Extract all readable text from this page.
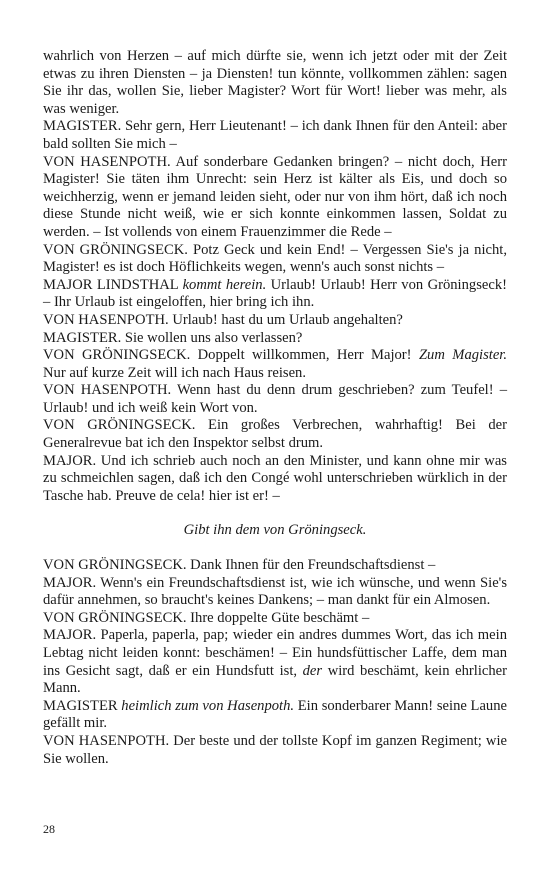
wahrlich von Herzen – auf mich dürfte sie, wenn ich jetzt oder mit der Zeit etwas zu ihren Diensten – ja Diensten! tun könnte, vollkommen zählen: sagen Sie ihr das, wollen Sie, lieber Magister? Wort für Wort! lieber was mehr, als was weniger.

MAGISTER. Sehr gern, Herr Lieutenant! – ich dank Ihnen für den Anteil: aber bald sollten Sie mich –

VON HASENPOTH. Auf sonderbare Gedanken bringen? – nicht doch, Herr Magister! Sie täten ihm Unrecht: sein Herz ist kälter als Eis, und doch so weichherzig, wenn er jemand leiden sieht, oder nur von ihm hört, daß ich noch diese Stunde nicht weiß, wie er sich konnte einkommen lassen, Soldat zu werden. – Ist vollends von einem Frauenzimmer die Rede –

VON GRÖNINGSECK. Potz Geck und kein End! – Vergessen Sie's ja nicht, Magister! es ist doch Höflichkeits wegen, wenn's auch sonst nichts –

MAJOR LINDSTHAL kommt herein. Urlaub! Urlaub! Herr von Gröningseck! – Ihr Urlaub ist eingeloffen, hier bring ich ihn.

VON HASENPOTH. Urlaub! hast du um Urlaub angehalten?

MAGISTER. Sie wollen uns also verlassen?

VON GRÖNINGSECK. Doppelt willkommen, Herr Major! Zum Magister. Nur auf kurze Zeit will ich nach Haus reisen.

VON HASENPOTH. Wenn hast du denn drum geschrieben? zum Teufel! – Urlaub! und ich weiß kein Wort von.

VON GRÖNINGSECK. Ein großes Verbrechen, wahrhaftig! Bei der Generalrevue bat ich den Inspektor selbst drum.

MAJOR. Und ich schrieb auch noch an den Minister, und kann ohne mir was zu schmeichlen sagen, daß ich den Congé wohl unterschrieben würklich in der Tasche hab. Preuve de cela! hier ist er! –

Gibt ihn dem von Gröningseck.

VON GRÖNINGSECK. Dank Ihnen für den Freundschaftsdienst –

MAJOR. Wenn's ein Freundschaftsdienst ist, wie ich wünsche, und wenn Sie's dafür annehmen, so braucht's keines Dankens; – man dankt für ein Almosen.

VON GRÖNINGSECK. Ihre doppelte Güte beschämt –

MAJOR. Paperla, paperla, pap; wieder ein andres dummes Wort, das ich mein Lebtag nicht leiden konnt: beschämen! – Ein hundsfüttischer Laffe, dem man ins Gesicht sagt, daß er ein Hundsfutt ist, der wird beschämt, kein ehrlicher Mann.

MAGISTER heimlich zum von Hasenpoth. Ein sonderbarer Mann! seine Laune gefällt mir.

VON HASENPOTH. Der beste und der tollste Kopf im ganzen Regiment; wie Sie wollen.

28
